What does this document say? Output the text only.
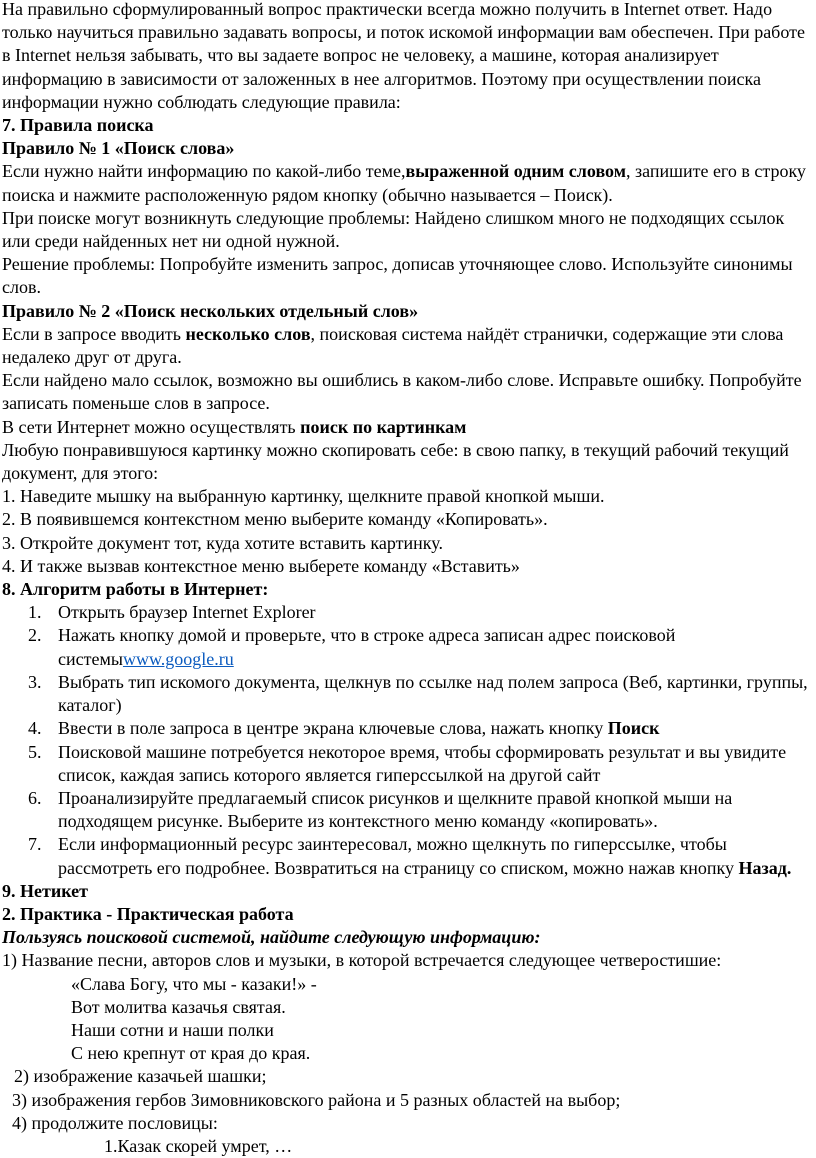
На правильно сформулированный вопрос практически всегда можно получить в Internet ответ. Надо только научиться правильно задавать вопросы, и поток искомой информации вам обеспечен. При работе в Internet нельзя забывать, что вы задаете вопрос не человеку, а машине, которая анализирует информацию в зависимости от заложенных в нее алгоритмов. Поэтому при осуществлении поиска информации нужно соблюдать следующие правила:

7. Правила поиска

Правило № 1 «Поиск слова»

Если нужно найти информацию по какой-либо теме,выраженной одним словом, запишите его в строку поиска и нажмите расположенную рядом кнопку (обычно называется – Поиск).

При поиске могут возникнуть следующие проблемы: Найдено слишком много не подходящих ссылок или среди найденных нет ни одной нужной.

Решение проблемы: Попробуйте изменить запрос, дописав уточняющее слово. Используйте синонимы слов.

Правило № 2 «Поиск нескольких отдельный слов»

Если в запросе вводить несколько слов, поисковая система найдёт странички, содержащие эти слова недалеко друг от друга.

Если найдено мало ссылок, возможно вы ошиблись в каком-либо слове. Исправьте ошибку. Попробуйте записать поменьше слов в запросе.

В сети Интернет можно осуществлять поиск по картинкам

Любую понравившуюся картинку можно скопировать себе: в свою папку, в текущий рабочий текущий документ, для этого:

1. Наведите мышку на выбранную картинку, щелкните правой кнопкой мыши.

2. В появившемся контекстном меню выберите команду «Копировать».

3. Откройте документ тот, куда хотите вставить картинку.

4. И также вызвав контекстное меню выберете команду «Вставить»

8. Алгоритм работы в Интернет:

1. Открыть браузер Internet Explorer
2. Нажать кнопку домой и проверьте, что в строке адреса записан адрес поисковой системыwww.google.ru
3. Выбрать тип искомого документа, щелкнув по ссылке над полем запроса (Веб, картинки, группы, каталог)
4. Ввести в поле запроса в центре экрана ключевые слова, нажать кнопку Поиск
5. Поисковой машине потребуется некоторое время, чтобы сформировать результат и вы увидите список, каждая запись которого является гиперссылкой на другой сайт
6. Проанализируйте предлагаемый список рисунков и щелкните правой кнопкой мыши на подходящем рисунке. Выберите из контекстного меню команду «копировать».
7. Если информационный ресурс заинтересовал, можно щелкнуть по гиперссылке, чтобы рассмотреть его подробнее. Возвратиться на страницу со списком, можно нажав кнопку Назад.

9. Нетикет

2. Практика - Практическая работа

Пользуясь поисковой системой, найдите следующую информацию:

1) Название песни, авторов слов и музыки, в которой встречается следующее четверостишие:

«Слава Богу, что мы - казаки!» -

Вот молитва казачья святая.

Наши сотни и наши полки

С нею крепнут от края до края.

2) изображение казачьей шашки;

3) изображения гербов Зимовниковского района и 5 разных областей на выбор;

4) продолжите пословицы:

1.Казак скорей умрет, …
